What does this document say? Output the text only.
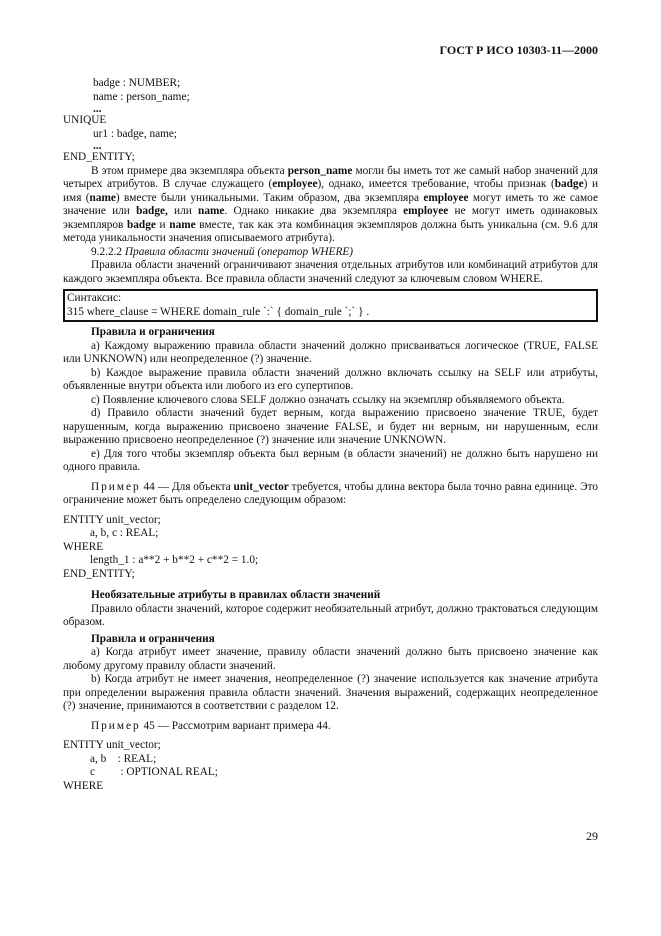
ГОСТ Р ИСО 10303-11—2000
badge : NUMBER;
name : person_name;
...
UNIQUE
ur1 : badge, name;
...
END_ENTITY;

В этом примере два экземпляра объекта person_name могли бы иметь тот же самый набор значений для четырех атрибутов. В случае служащего (employee), однако, имеется требование, чтобы признак (badge) и имя (name) вместе были уникальными. Таким образом, два экземпляра employee могут иметь то же самое значение или badge, или name. Однако никакие два экземпляра employee не могут иметь одинаковых экземпляров badge и name вместе, так как эта комбинация экземпляров должна быть уникальна (см. 9.6 для метода уникальности значения описываемого атрибута).

9.2.2.2 Правила области значений (оператор WHERE)

Правила области значений ограничивают значения отдельных атрибутов или комбинаций атрибутов для каждого экземпляра объекта. Все правила области значений следуют за ключевым словом WHERE.

Синтаксис:
315 where_clause = WHERE domain_rule `:` { domain_rule `;` } .
Правила и ограничения

a) Каждому выражению правила области значений должно присваиваться логическое (TRUE, FALSE или UNKNOWN) или неопределенное (?) значение.

b) Каждое выражение правила области значений должно включать ссылку на SELF или атрибуты, объявленные внутри объекта или любого из его супертипов.

c) Появление ключевого слова SELF должно означать ссылку на экземпляр объявляемого объекта.

d) Правило области значений будет верным, когда выражению присвоено значение TRUE, будет нарушенным, когда выражению присвоено значение FALSE, и будет ни верным, ни нарушенным, если выражению присвоено неопределенное (?) значение или значение UNKNOWN.

e) Для того чтобы экземпляр объекта был верным (в области значений) не должно быть нарушено ни одного правила.

Пример 44 — Для объекта unit_vector требуется, чтобы длина вектора была точно равна единице. Это ограничение может быть определено следующим образом:

ENTITY unit_vector;
a, b, c : REAL;
WHERE
length_1 : a**2 + b**2 + c**2 = 1.0;
END_ENTITY;
Необязательные атрибуты в правилах области значений

Правило области значений, которое содержит необязательный атрибут, должно трактоваться следующим образом.

Правила и ограничения

a) Когда атрибут имеет значение, правилу области значений должно быть присвоено значение как любому другому правилу области значений.

b) Когда атрибут не имеет значения, неопределенное (?) значение используется как значение атрибута при определении выражения правила области значений. Значения выражений, содержащих неопределенное (?) значение, принимаются в соответствии с разделом 12.

Пример 45 — Рассмотрим вариант примера 44.

ENTITY unit_vector;
a, b    : REAL;
c         : OPTIONAL REAL;
WHERE
29
